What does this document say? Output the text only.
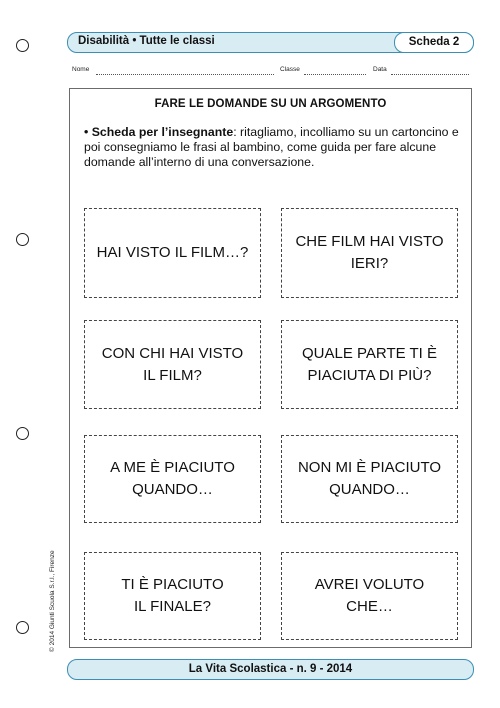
Disabilità • Tutte le classi	Scheda 2
Nome	Classe	Data
FARE LE DOMANDE SU UN ARGOMENTO
• Scheda per l’insegnante: ritagliamo, incolliamo su un cartoncino e poi consegniamo le frasi al bambino, come guida per fare alcune domande all’interno di una conversazione.
HAI VISTO IL FILM…?
CHE FILM HAI VISTO
IERI?
CON CHI HAI VISTO
IL FILM?
QUALE PARTE TI È
PIACIUTA DI PIÙ?
A ME È PIACIUTO
QUANDO…
NON MI È PIACIUTO
QUANDO…
TI È PIACIUTO
IL FINALE?
AVREI VOLUTO
CHE…
© 2014 Giunti Scuola S.r.l., Firenze
La Vita Scolastica - n. 9 - 2014
